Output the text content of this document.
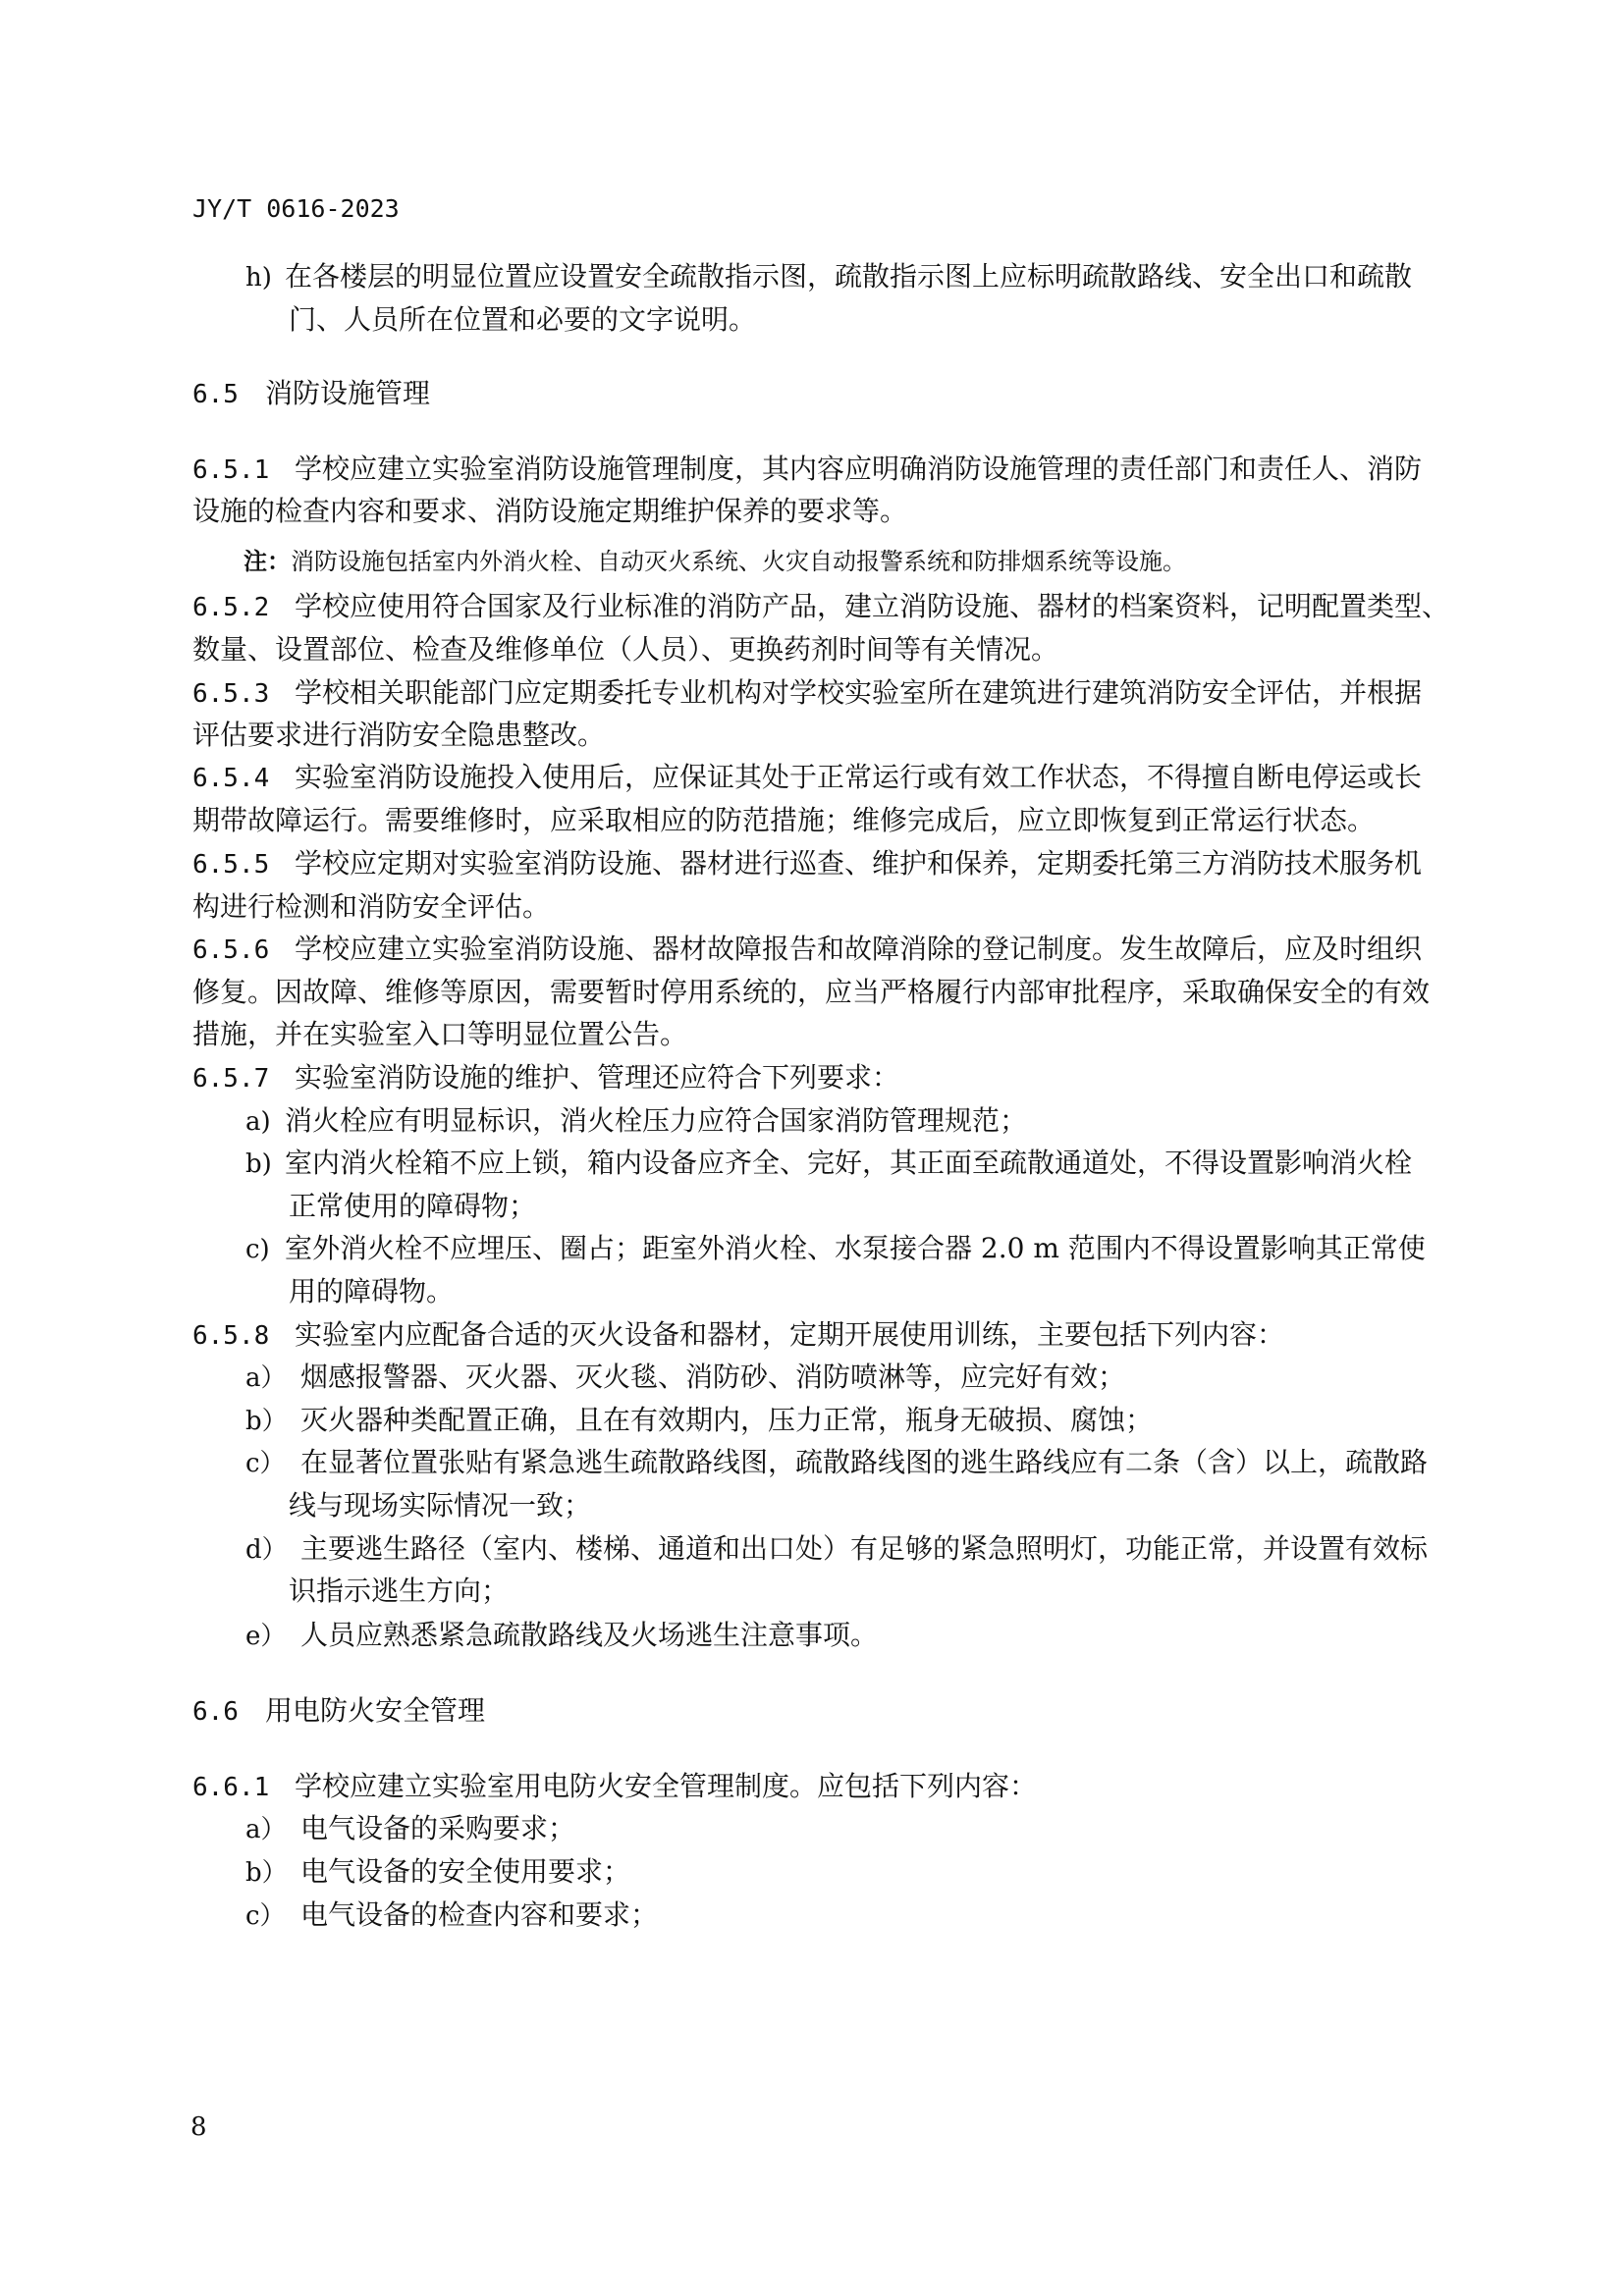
JY/T 0616-2023
h) 在各楼层的明显位置应设置安全疏散指示图，疏散指示图上应标明疏散路线、安全出口和疏散
门、人员所在位置和必要的文字说明。
6.5 消防设施管理
6.5.1 学校应建立实验室消防设施管理制度，其内容应明确消防设施管理的责任部门和责任人、消防
设施的检查内容和要求、消防设施定期维护保养的要求等。
注：消防设施包括室内外消火栓、自动灭火系统、火灾自动报警系统和防排烟系统等设施。
6.5.2 学校应使用符合国家及行业标准的消防产品，建立消防设施、器材的档案资料，记明配置类型、
数量、设置部位、检查及维修单位（人员）、更换药剂时间等有关情况。
6.5.3 学校相关职能部门应定期委托专业机构对学校实验室所在建筑进行建筑消防安全评估，并根据
评估要求进行消防安全隐患整改。
6.5.4 实验室消防设施投入使用后，应保证其处于正常运行或有效工作状态，不得擅自断电停运或长
期带故障运行。需要维修时，应采取相应的防范措施；维修完成后，应立即恢复到正常运行状态。
6.5.5 学校应定期对实验室消防设施、器材进行巡查、维护和保养，定期委托第三方消防技术服务机
构进行检测和消防安全评估。
6.5.6 学校应建立实验室消防设施、器材故障报告和故障消除的登记制度。发生故障后，应及时组织
修复。因故障、维修等原因，需要暂时停用系统的，应当严格履行内部审批程序，采取确保安全的有效
措施，并在实验室入口等明显位置公告。
6.5.7 实验室消防设施的维护、管理还应符合下列要求：
a) 消火栓应有明显标识，消火栓压力应符合国家消防管理规范；
b) 室内消火栓箱不应上锁，箱内设备应齐全、完好，其正面至疏散通道处，不得设置影响消火栓
正常使用的障碍物；
c) 室外消火栓不应埋压、圈占；距室外消火栓、水泵接合器 2.0 m 范围内不得设置影响其正常使
用的障碍物。
6.5.8 实验室内应配备合适的灭火设备和器材，定期开展使用训练，主要包括下列内容：
a） 烟感报警器、灭火器、灭火毯、消防砂、消防喷淋等，应完好有效；
b） 灭火器种类配置正确，且在有效期内，压力正常，瓶身无破损、腐蚀；
c） 在显著位置张贴有紧急逃生疏散路线图，疏散路线图的逃生路线应有二条（含）以上，疏散路
线与现场实际情况一致；
d） 主要逃生路径（室内、楼梯、通道和出口处）有足够的紧急照明灯，功能正常，并设置有效标
识指示逃生方向；
e） 人员应熟悉紧急疏散路线及火场逃生注意事项。
6.6 用电防火安全管理
6.6.1 学校应建立实验室用电防火安全管理制度。应包括下列内容：
a） 电气设备的采购要求；
b） 电气设备的安全使用要求；
c） 电气设备的检查内容和要求；
8
